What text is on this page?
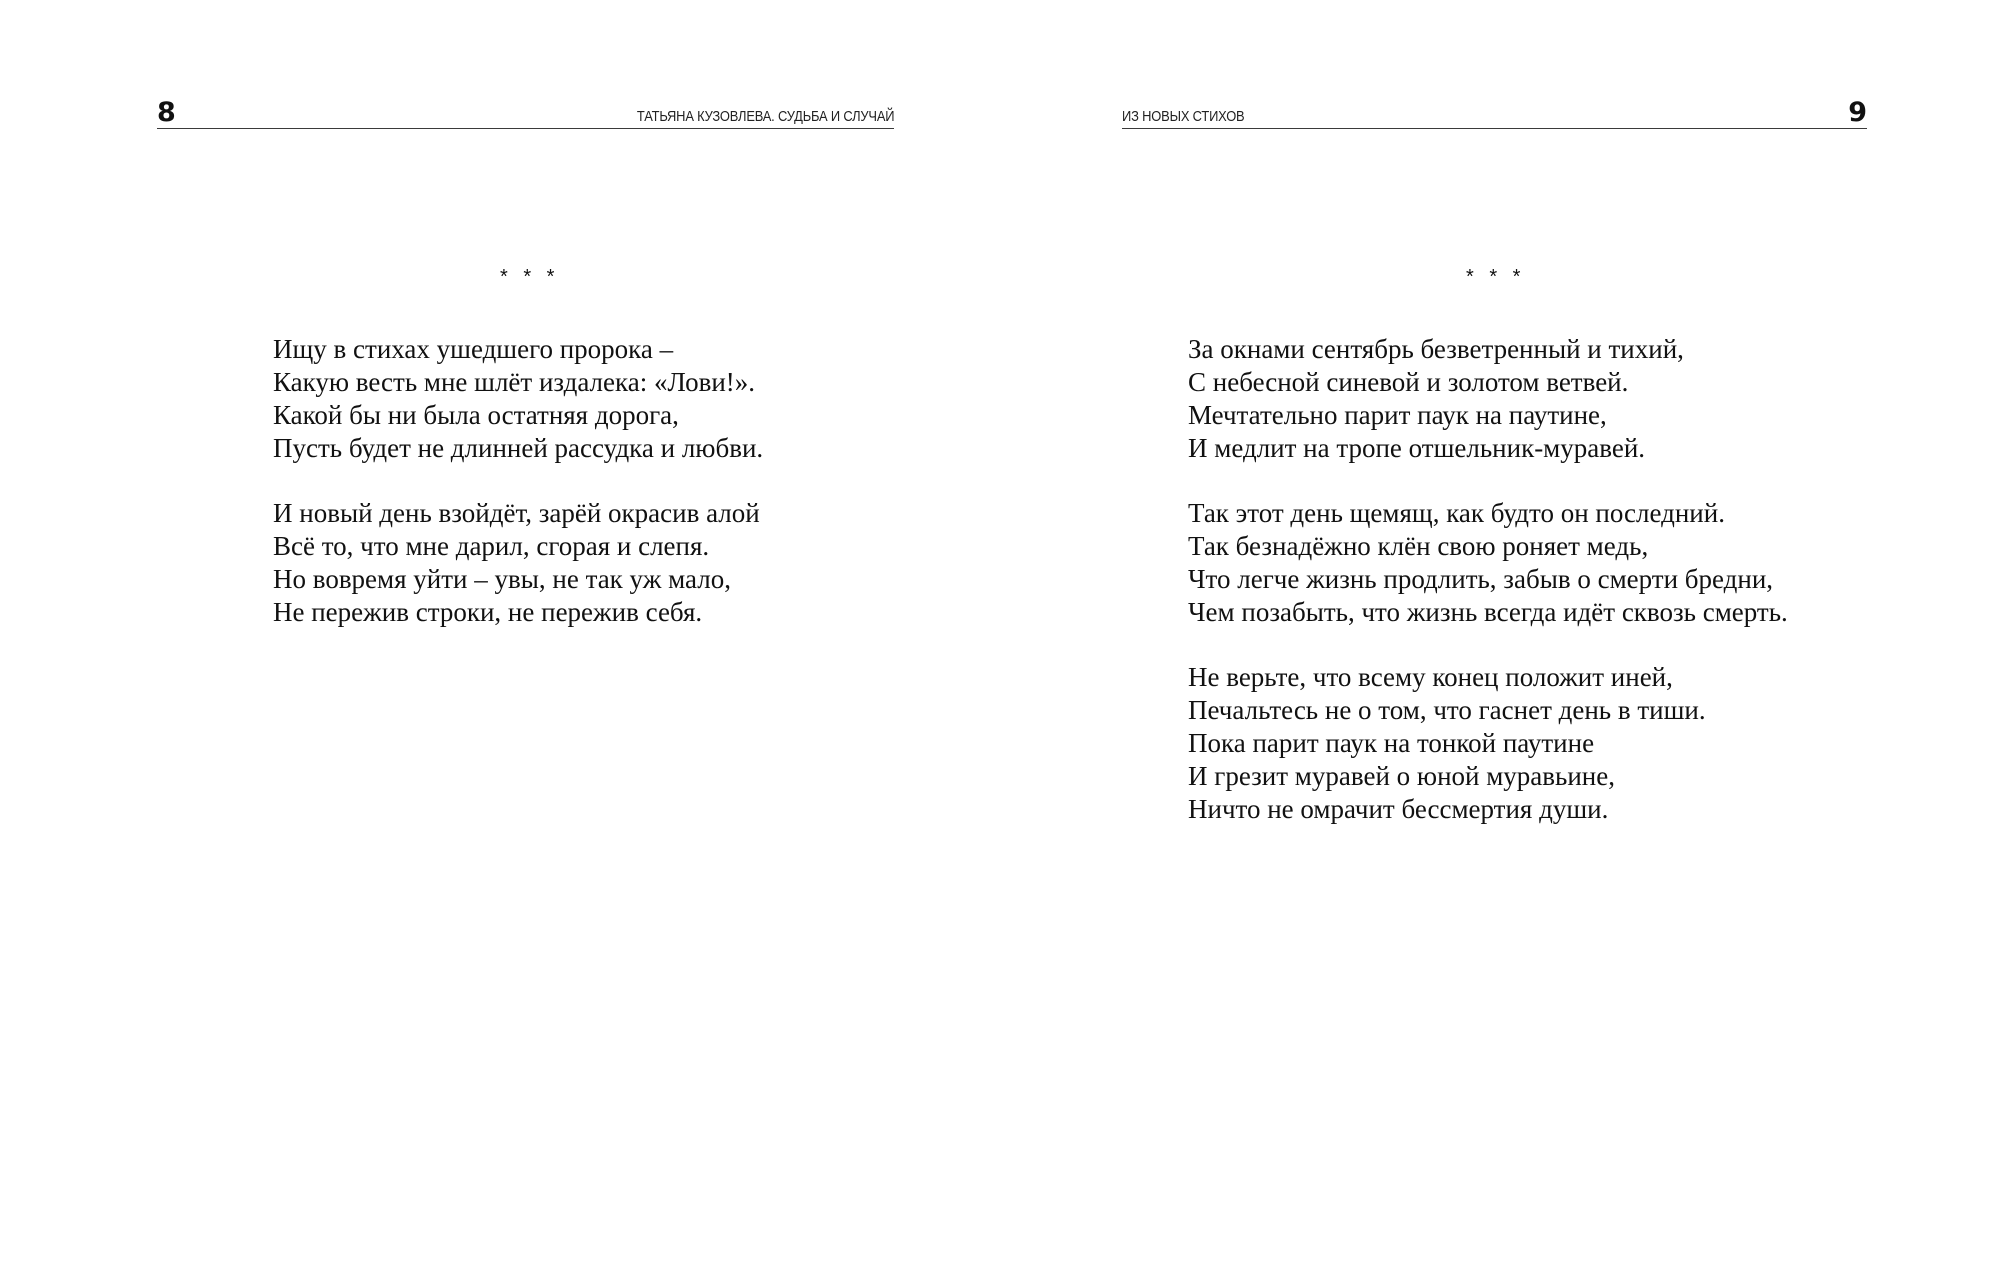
8	ТАТЬЯНА КУЗОВЛЕВА. СУДЬБА И СЛУЧАЙ
* * *
Ищу в стихах ушедшего пророка –
Какую весть мне шлёт издалека: «Лови!».
Какой бы ни была остатняя дорога,
Пусть будет не длинней рассудка и любви.
И новый день взойдёт, зарёй окрасив алой
Всё то, что мне дарил, сгорая и слепя.
Но вовремя уйти – увы, не так уж мало,
Не пережив строки, не пережив себя.
ИЗ НОВЫХ СТИХОВ	9
* * *
За окнами сентябрь безветренный и тихий,
С небесной синевой и золотом ветвей.
Мечтательно парит паук на паутине,
И медлит на тропе отшельник-муравей.
Так этот день щемящ, как будто он последний.
Так безнадёжно клён свою роняет медь,
Что легче жизнь продлить, забыв о смерти бредни,
Чем позабыть, что жизнь всегда идёт сквозь смерть.
Не верьте, что всему конец положит иней,
Печальтесь не о том, что гаснет день в тиши.
Пока парит паук на тонкой паутине
И грезит муравей о юной муравьине,
Ничто не омрачит бессмертия души.
